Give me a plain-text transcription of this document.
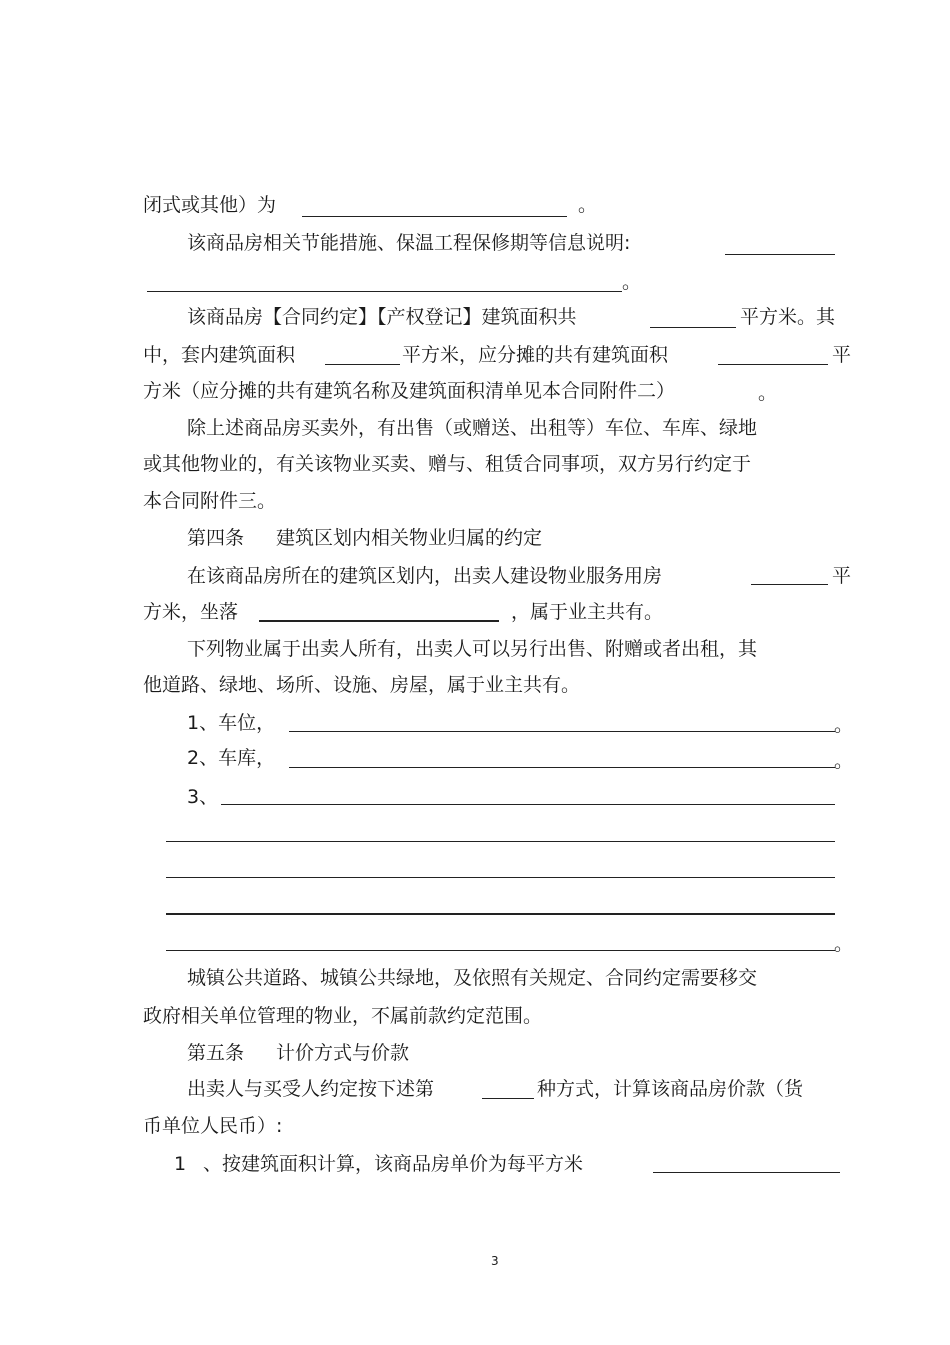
闭式或其他）为	。
该商品房相关节能措施、保温工程保修期等信息说明:
。
该商品房【合同约定】【产权登记】建筑面积共	平方米。其
中，套内建筑面积	平方米，应分摊的共有建筑面积	平
方米（应分摊的共有建筑名称及建筑面积清单见本合同附件二）	。
除上述商品房买卖外，有出售（或赠送、出租等）车位、车库、绿地
或其他物业的，有关该物业买卖、赠与、租赁合同事项，双方另行约定于
本合同附件三。
第四条 建筑区划内相关物业归属的约定
在该商品房所在的建筑区划内，出卖人建设物业服务用房	平
方米，坐落	，属于业主共有。
下列物业属于出卖人所有，出卖人可以另行出售、附赠或者出租，其
他道路、绿地、场所、设施、房屋，属于业主共有。
1、车位，	。
2、车库，	。
3、
。
城镇公共道路、城镇公共绿地，及依照有关规定、合同约定需要移交
政府相关单位管理的物业，不属前款约定范围。
第五条 计价方式与价款
出卖人与买受人约定按下述第	种方式，计算该商品房价款（货
币单位人民币）:
1 、按建筑面积计算，该商品房单价为每平方米
3
